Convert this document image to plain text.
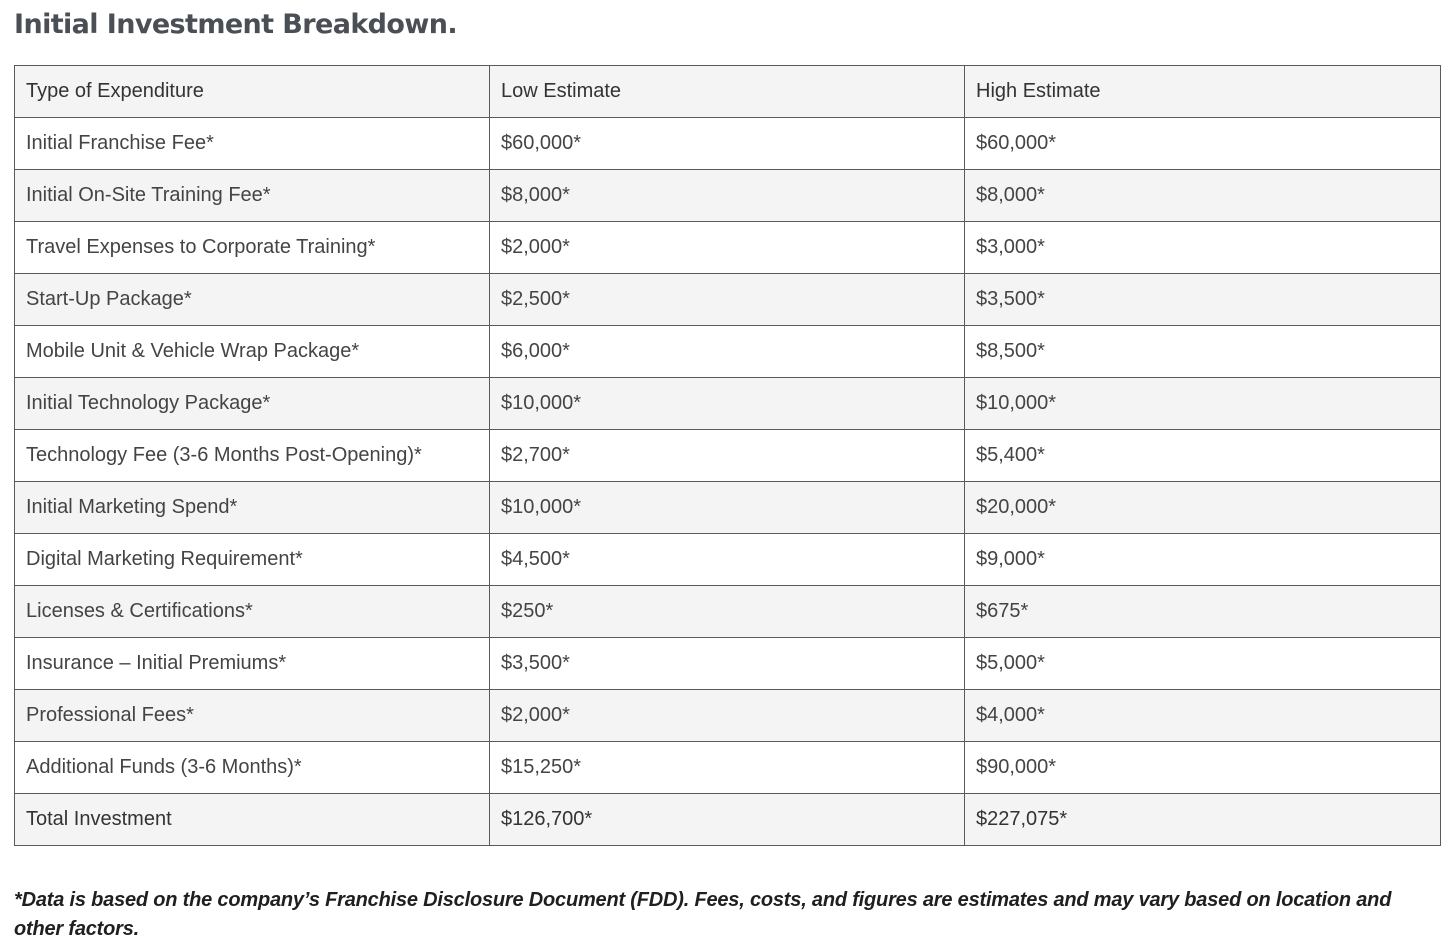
Initial Investment Breakdown.
Type of Expenditure	Low Estimate	High Estimate
Initial Franchise Fee*	$60,000*	$60,000*
Initial On-Site Training Fee*	$8,000*	$8,000*
Travel Expenses to Corporate Training*	$2,000*	$3,000*
Start-Up Package*	$2,500*	$3,500*
Mobile Unit & Vehicle Wrap Package*	$6,000*	$8,500*
Initial Technology Package*	$10,000*	$10,000*
Technology Fee (3-6 Months Post-Opening)*	$2,700*	$5,400*
Initial Marketing Spend*	$10,000*	$20,000*
Digital Marketing Requirement*	$4,500*	$9,000*
Licenses & Certifications*	$250*	$675*
Insurance – Initial Premiums*	$3,500*	$5,000*
Professional Fees*	$2,000*	$4,000*
Additional Funds (3-6 Months)*	$15,250*	$90,000*
Total Investment	$126,700*	$227,075*

*Data is based on the company’s Franchise Disclosure Document (FDD). Fees, costs, and figures are estimates and may vary based on location and other factors.
